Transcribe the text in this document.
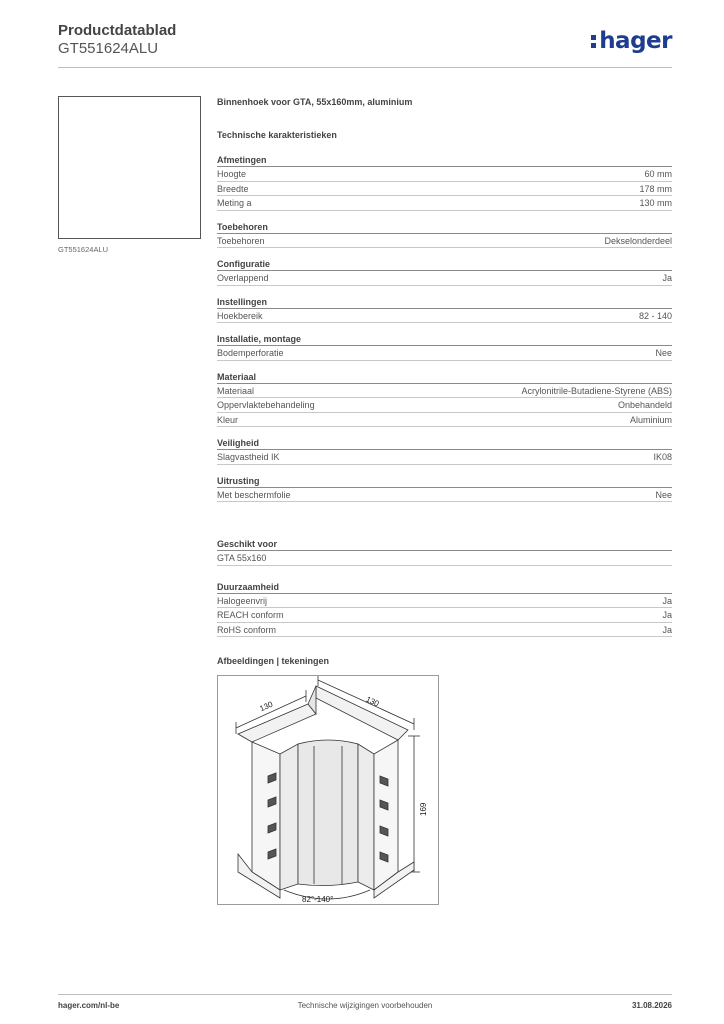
Productdatablad
GT551624ALU	hager
GT551624ALU
Binnenhoek voor GTA, 55x160mm, aluminium
Technische karakteristieken
Afmetingen
Hoogte	60 mm
Breedte	178 mm
Meting a	130 mm
Toebehoren
Toebehoren	Dekselonderdeel
Configuratie
Overlappend	Ja
Instellingen
Hoekbereik	82 - 140
Installatie, montage
Bodemperforatie	Nee
Materiaal
Materiaal	Acrylonitrile-Butadiene-Styrene (ABS)
Oppervlaktebehandeling	Onbehandeld
Kleur	Aluminium
Veiligheid
Slagvastheid IK	IK08
Uitrusting
Met beschermfolie	Nee
Geschikt voor
GTA 55x160
Duurzaamheid
Halogeenvrij	Ja
REACH conform	Ja
RoHS conform	Ja
Afbeeldingen | tekeningen
130	130
169
82°-140°
hager.com/nl-be	Technische wijzigingen voorbehouden	31.08.2026
